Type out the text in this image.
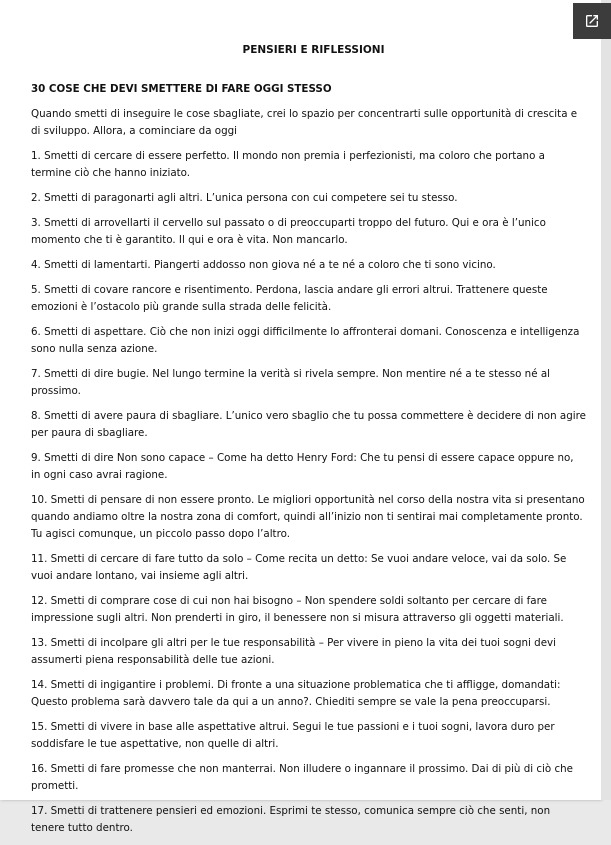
PENSIERI E RIFLESSIONI
30 COSE CHE DEVI SMETTERE DI FARE OGGI STESSO

Quando smetti di inseguire le cose sbagliate, crei lo spazio per concentrarti sulle opportunità di crescita e di sviluppo. Allora, a cominciare da oggi

1. Smetti di cercare di essere perfetto. Il mondo non premia i perfezionisti, ma coloro che portano a termine ciò che hanno iniziato.

2. Smetti di paragonarti agli altri. L’unica persona con cui competere sei tu stesso.

3. Smetti di arrovellarti il cervello sul passato o di preoccuparti troppo del futuro. Qui e ora è l’unico momento che ti è garantito. Il qui e ora è vita. Non mancarlo.

4. Smetti di lamentarti. Piangerti addosso non giova né a te né a coloro che ti sono vicino.

5. Smetti di covare rancore e risentimento. Perdona, lascia andare gli errori altrui. Trattenere queste emozioni è l’ostacolo più grande sulla strada delle felicità.

6. Smetti di aspettare. Ciò che non inizi oggi difficilmente lo affronterai domani. Conoscenza e intelligenza sono nulla senza azione.

7. Smetti di dire bugie. Nel lungo termine la verità si rivela sempre. Non mentire né a te stesso né al prossimo.

8. Smetti di avere paura di sbagliare. L’unico vero sbaglio che tu possa commettere è decidere di non agire per paura di sbagliare.

9. Smetti di dire Non sono capace – Come ha detto Henry Ford: Che tu pensi di essere capace oppure no, in ogni caso avrai ragione.

10. Smetti di pensare di non essere pronto. Le migliori opportunità nel corso della nostra vita si presentano quando andiamo oltre la nostra zona di comfort, quindi all’inizio non ti sentirai mai completamente pronto. Tu agisci comunque, un piccolo passo dopo l’altro.

11. Smetti di cercare di fare tutto da solo – Come recita un detto: Se vuoi andare veloce, vai da solo. Se vuoi andare lontano, vai insieme agli altri.

12. Smetti di comprare cose di cui non hai bisogno – Non spendere soldi soltanto per cercare di fare impressione sugli altri. Non prenderti in giro, il benessere non si misura attraverso gli oggetti materiali.

13. Smetti di incolpare gli altri per le tue responsabilità – Per vivere in pieno la vita dei tuoi sogni devi assumerti piena responsabilità delle tue azioni.

14. Smetti di ingigantire i problemi. Di fronte a una situazione problematica che ti affligge, domandati: Questo problema sarà davvero tale da qui a un anno?. Chiediti sempre se vale la pena preoccuparsi.

15. Smetti di vivere in base alle aspettative altrui. Segui le tue passioni e i tuoi sogni, lavora duro per soddisfare le tue aspettative, non quelle di altri.

16. Smetti di fare promesse che non manterrai. Non illudere o ingannare il prossimo. Dai di più di ciò che prometti.

17. Smetti di trattenere pensieri ed emozioni. Esprimi te stesso, comunica sempre ciò che senti, non tenere tutto dentro.
